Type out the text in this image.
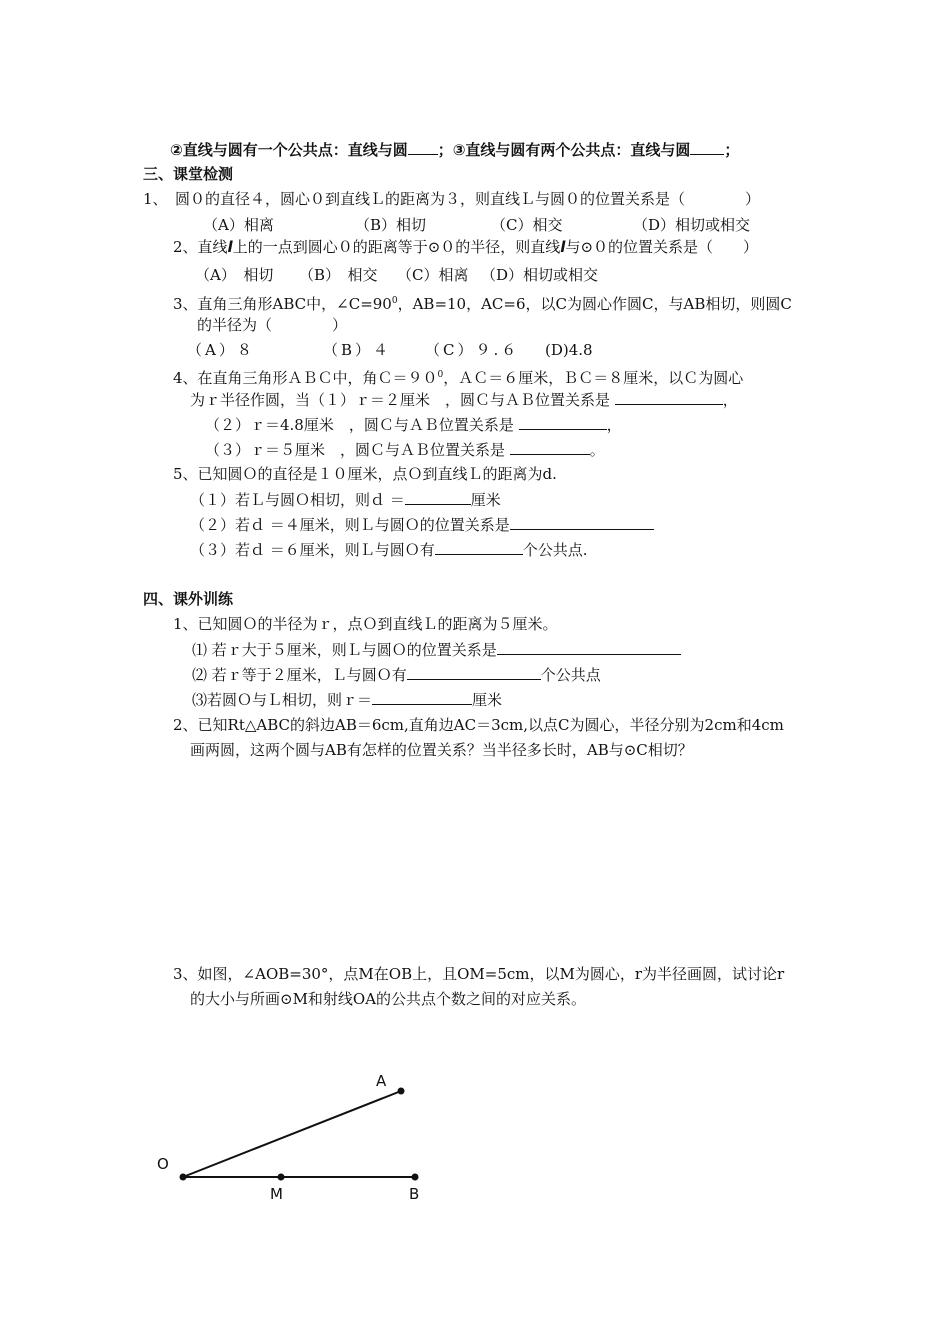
②直线与圆有一个公共点：直线与圆 ；③直线与圆有两个公共点：直线与圆 ；
三、课堂检测
1、　圆０的直径４，圆心０到直线Ｌ的距离为３，则直线Ｌ与圆０的位置关系是（　　　　）
（A）相离	（B）相切	（C）相交	（D）相切或相交
2、直线l上的一点到圆心０的距离等于⊙０的半径，则直线l与⊙０的位置关系是（　　）
（A）　相切 （B）　相交 （C）相离 （D）相切或相交
3、直角三角形ABC中，$\angle C=90^0$，AB=10，AC=6，以C为圆心作圆C，与AB相切，则圆C
的半径为（　　　　）
（A）８	（B）４ （C）９.６ (D)4.8
4、在直角三角形ＡＢＣ中，角$C=90^0$，ＡＣ＝６厘米，ＢＣ＝８厘米，以Ｃ为圆心
为ｒ半径作圆，当（１）ｒ＝２厘米　，圆Ｃ与ＡＢ位置关系是	，
（２）ｒ＝4.8厘米　，圆Ｃ与ＡＢ位置关系是	，
（３）ｒ＝５厘米　，圆Ｃ与ＡＢ位置关系是	。
5、已知圆Ｏ的直径是１０厘米，点Ｏ到直线Ｌ的距离为d.
（１）若Ｌ与圆Ｏ相切，则ｄ ＝	厘米
（２）若ｄ ＝４厘米，则Ｌ与圆Ｏ的位置关系是
（３）若ｄ ＝６厘米，则Ｌ与圆Ｏ有	个公共点.
四、课外训练
1、已知圆Ｏ的半径为ｒ，点Ｏ到直线Ｌ的距离为５厘米。
⑴ 若ｒ大于５厘米，则Ｌ与圆Ｏ的位置关系是
⑵ 若ｒ等于２厘米，Ｌ与圆Ｏ有	个公共点
⑶若圆Ｏ与Ｌ相切，则ｒ＝	厘米
2、已知Rt△ABC的斜边AB＝6cm,直角边AC＝3cm,以点C为圆心，半径分别为2cm和4cm
画两圆，这两个圆与AB有怎样的位置关系？当半径多长时，AB与⊙C相切？
3、如图，∠AOB=30°，点M在OB上，且OM=5cm，以M为圆心，r为半径画圆，试讨论r
的大小与所画⊙M和射线OA的公共点个数之间的对应关系。
A
O
M	B
